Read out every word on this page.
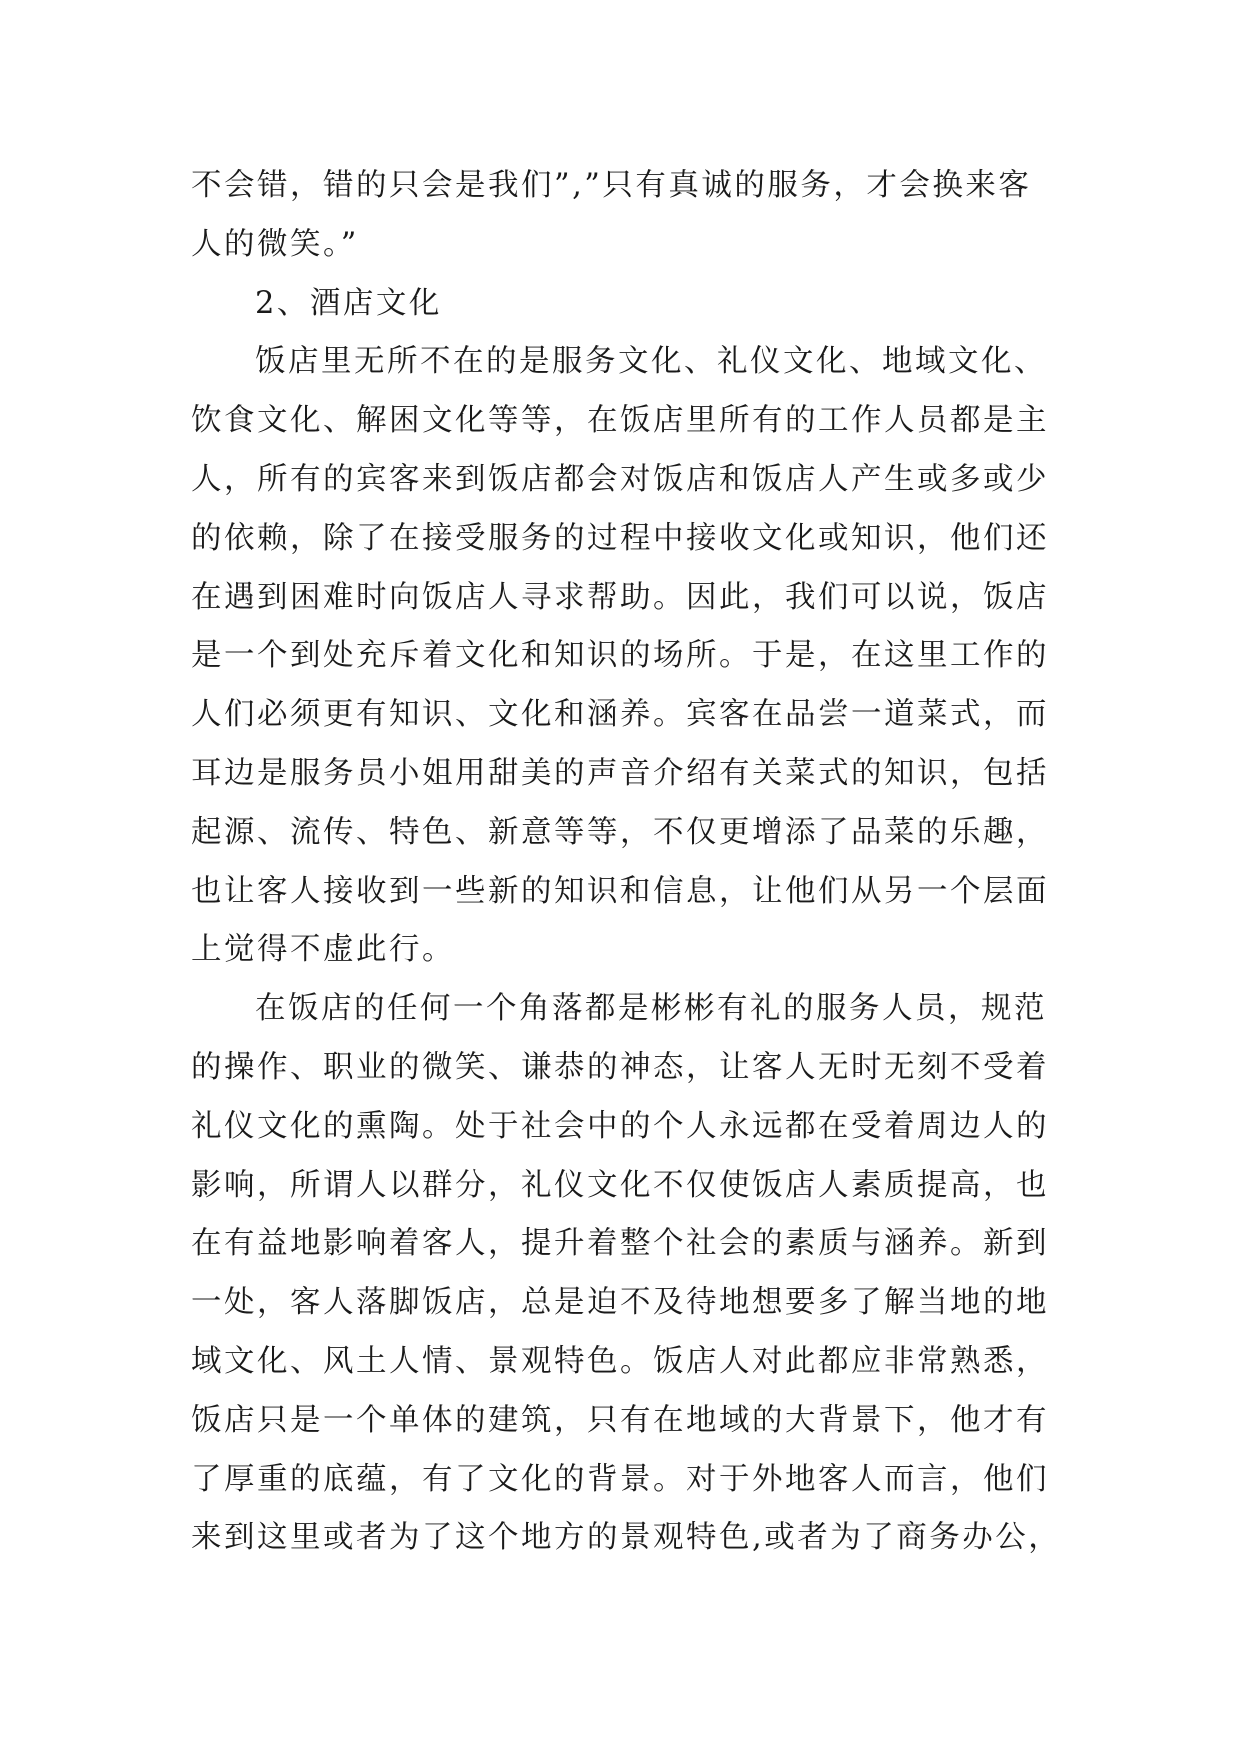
不会错，错的只会是我们”,”只有真诚的服务，才会换来客
人的微笑。”
2、酒店文化
饭店里无所不在的是服务文化、礼仪文化、地域文化、
饮食文化、解困文化等等，在饭店里所有的工作人员都是主
人，所有的宾客来到饭店都会对饭店和饭店人产生或多或少
的依赖，除了在接受服务的过程中接收文化或知识，他们还
在遇到困难时向饭店人寻求帮助。因此，我们可以说，饭店
是一个到处充斥着文化和知识的场所。于是，在这里工作的
人们必须更有知识、文化和涵养。宾客在品尝一道菜式，而
耳边是服务员小姐用甜美的声音介绍有关菜式的知识，包括
起源、流传、特色、新意等等，不仅更增添了品菜的乐趣，
也让客人接收到一些新的知识和信息，让他们从另一个层面
上觉得不虚此行。
在饭店的任何一个角落都是彬彬有礼的服务人员，规范
的操作、职业的微笑、谦恭的神态，让客人无时无刻不受着
礼仪文化的熏陶。处于社会中的个人永远都在受着周边人的
影响，所谓人以群分，礼仪文化不仅使饭店人素质提高，也
在有益地影响着客人，提升着整个社会的素质与涵养。新到
一处，客人落脚饭店，总是迫不及待地想要多了解当地的地
域文化、风土人情、景观特色。饭店人对此都应非常熟悉，
饭店只是一个单体的建筑，只有在地域的大背景下，他才有
了厚重的底蕴，有了文化的背景。对于外地客人而言，他们
来到这里或者为了这个地方的景观特色,或者为了商务办公，
